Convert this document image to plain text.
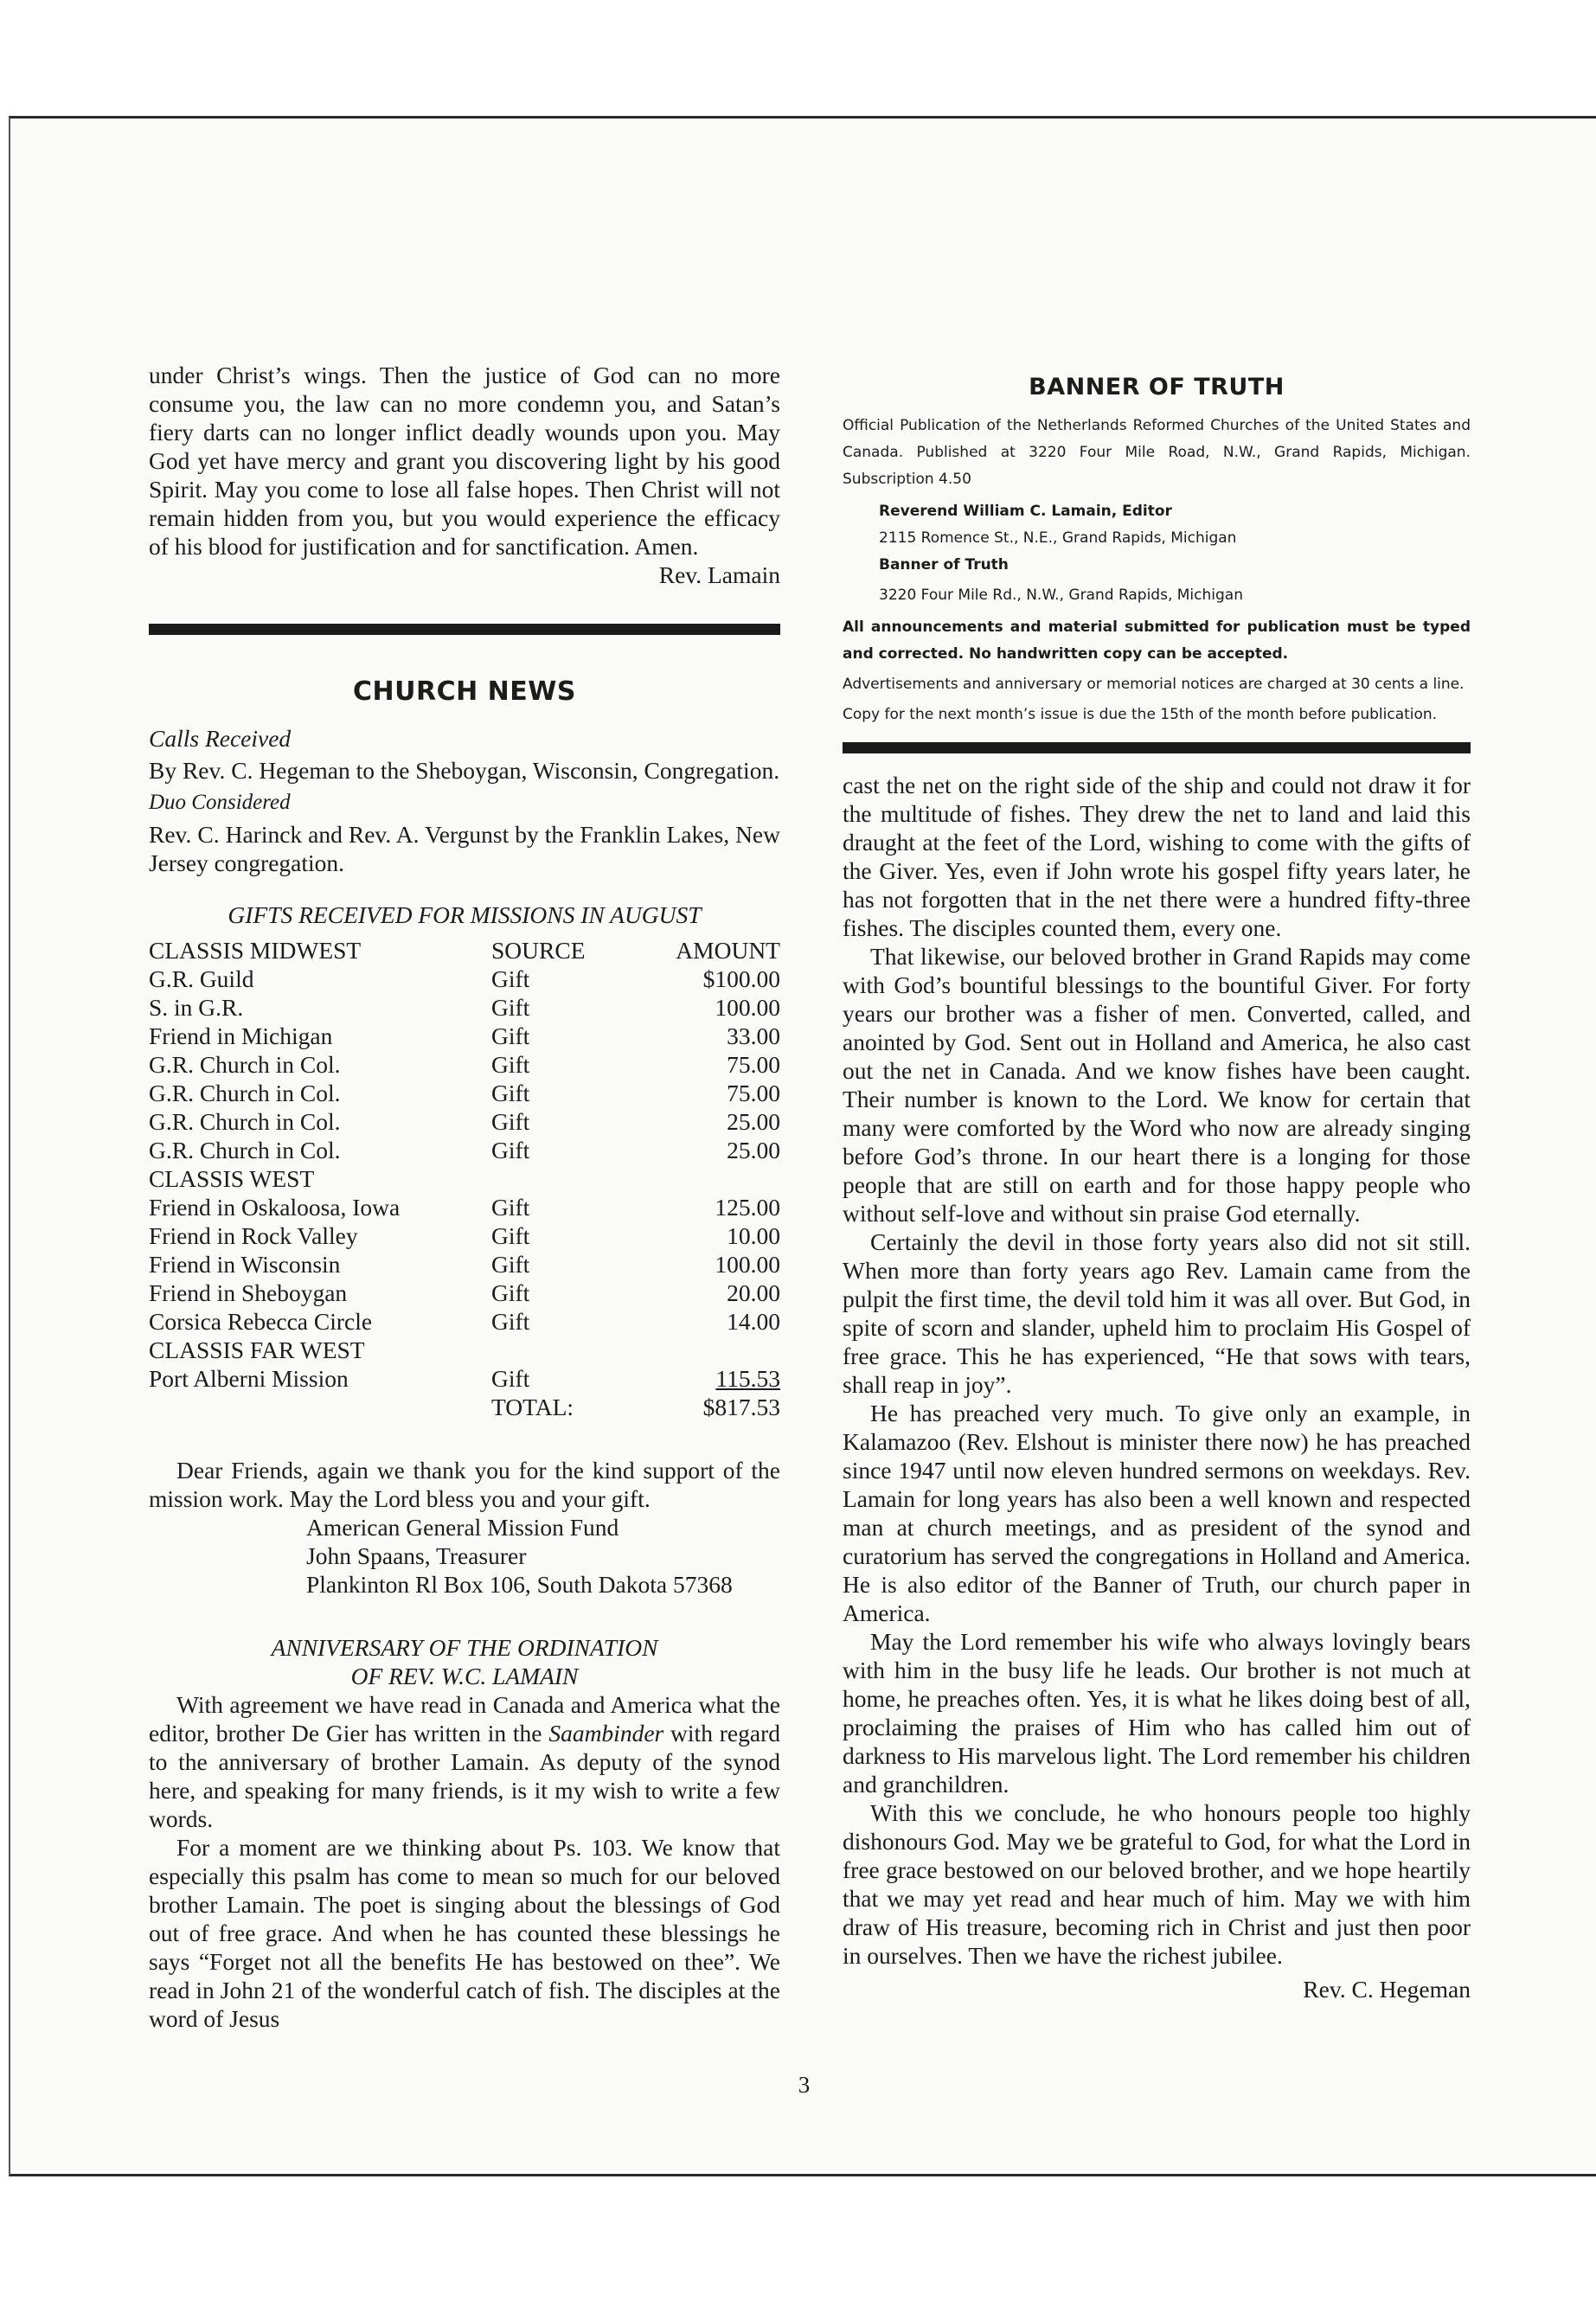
under Christ’s wings. Then the justice of God can no more consume you, the law can no more condemn you, and Satan’s fiery darts can no longer inflict deadly wounds upon you. May God yet have mercy and grant you discovering light by his good Spirit. May you come to lose all false hopes. Then Christ will not remain hidden from you, but you would experience the efficacy of his blood for justification and for sanctification. Amen.

Rev. Lamain
CHURCH NEWS

Calls Received

By Rev. C. Hegeman to the Sheboygan, Wisconsin, Congregation.

Duo Considered

Rev. C. Harinck and Rev. A. Vergunst by the Franklin Lakes, New Jersey congregation.

GIFTS RECEIVED FOR MISSIONS IN AUGUST
CLASSIS MIDWEST	SOURCE	AMOUNT
G.R. Guild	Gift	$100.00
S. in G.R.	Gift	100.00
Friend in Michigan	Gift	33.00
G.R. Church in Col.	Gift	75.00
G.R. Church in Col.	Gift	75.00
G.R. Church in Col.	Gift	25.00
G.R. Church in Col.	Gift	25.00
CLASSIS WEST		
Friend in Oskaloosa, Iowa	Gift	125.00
Friend in Rock Valley	Gift	10.00
Friend in Wisconsin	Gift	100.00
Friend in Sheboygan	Gift	20.00
Corsica Rebecca Circle	Gift	14.00
CLASSIS FAR WEST		
Port Alberni Mission	Gift	115.53
	TOTAL:	$817.53

Dear Friends, again we thank you for the kind support of the mission work. May the Lord bless you and your gift.

American General Mission Fund
John Spaans, Treasurer
Plankinton Rl Box 106, South Dakota 57368
ANNIVERSARY OF THE ORDINATION
OF REV. W.C. LAMAIN

With agreement we have read in Canada and America what the editor, brother De Gier has written in the Saambinder with regard to the anniversary of brother Lamain. As deputy of the synod here, and speaking for many friends, is it my wish to write a few words.

For a moment are we thinking about Ps. 103. We know that especially this psalm has come to mean so much for our beloved brother Lamain. The poet is singing about the blessings of God out of free grace. And when he has counted these blessings he says “Forget not all the benefits He has bestowed on thee”. We read in John 21 of the wonderful catch of fish. The disciples at the word of Jesus

BANNER OF TRUTH
Official Publication of the Netherlands Reformed Churches of the United States and Canada. Published at 3220 Four Mile Road, N.W., Grand Rapids, Michigan. Subscription 4.50
Reverend William C. Lamain, Editor
2115 Romence St., N.E., Grand Rapids, Michigan
Banner of Truth
3220 Four Mile Rd., N.W., Grand Rapids, Michigan
All announcements and material submitted for publication must be typed and corrected. No handwritten copy can be accepted.
Advertisements and anniversary or memorial notices are charged at 30 cents a line.
Copy for the next month’s issue is due the 15th of the month before publication.

cast the net on the right side of the ship and could not draw it for the multitude of fishes. They drew the net to land and laid this draught at the feet of the Lord, wishing to come with the gifts of the Giver. Yes, even if John wrote his gospel fifty years later, he has not forgotten that in the net there were a hundred fifty-three fishes. The disciples counted them, every one.

That likewise, our beloved brother in Grand Rapids may come with God’s bountiful blessings to the bountiful Giver. For forty years our brother was a fisher of men. Converted, called, and anointed by God. Sent out in Holland and America, he also cast out the net in Canada. And we know fishes have been caught. Their number is known to the Lord. We know for certain that many were comforted by the Word who now are already singing before God’s throne. In our heart there is a longing for those people that are still on earth and for those happy people who without self-love and without sin praise God eternally.

Certainly the devil in those forty years also did not sit still. When more than forty years ago Rev. Lamain came from the pulpit the first time, the devil told him it was all over. But God, in spite of scorn and slander, upheld him to proclaim His Gospel of free grace. This he has experienced, “He that sows with tears, shall reap in joy”.

He has preached very much. To give only an example, in Kalamazoo (Rev. Elshout is minister there now) he has preached since 1947 until now eleven hundred sermons on weekdays. Rev. Lamain for long years has also been a well known and respected man at church meetings, and as president of the synod and curatorium has served the congregations in Holland and America. He is also editor of the Banner of Truth, our church paper in America.

May the Lord remember his wife who always lovingly bears with him in the busy life he leads. Our brother is not much at home, he preaches often. Yes, it is what he likes doing best of all, proclaiming the praises of Him who has called him out of darkness to His marvelous light. The Lord remember his children and granchildren.

With this we conclude, he who honours people too highly dishonours God. May we be grateful to God, for what the Lord in free grace bestowed on our beloved brother, and we hope heartily that we may yet read and hear much of him. May we with him draw of His treasure, becoming rich in Christ and just then poor in ourselves. Then we have the richest jubilee.

Rev. C. Hegeman
3
